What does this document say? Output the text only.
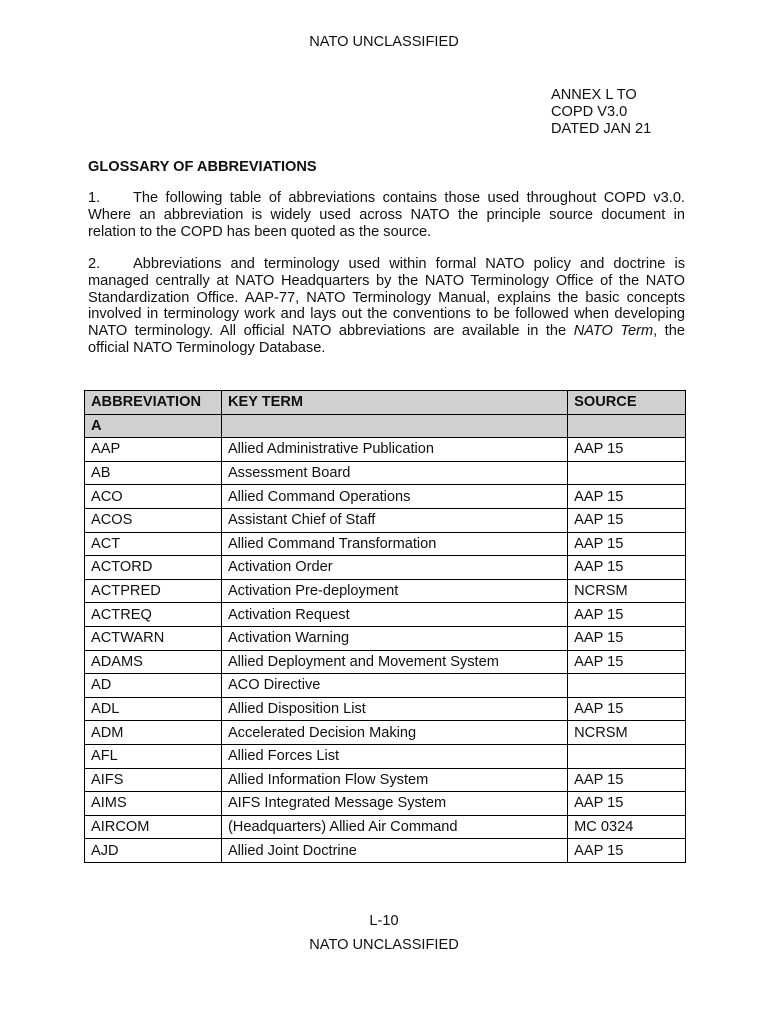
NATO UNCLASSIFIED
ANNEX L TO
COPD V3.0
DATED JAN 21
GLOSSARY OF ABBREVIATIONS
1. The following table of abbreviations contains those used throughout COPD v3.0. Where an abbreviation is widely used across NATO the principle source document in relation to the COPD has been quoted as the source.
2. Abbreviations and terminology used within formal NATO policy and doctrine is managed centrally at NATO Headquarters by the NATO Terminology Office of the NATO Standardization Office. AAP-77, NATO Terminology Manual, explains the basic concepts involved in terminology work and lays out the conventions to be followed when developing NATO terminology. All official NATO abbreviations are available in the NATO Term, the official NATO Terminology Database.
ABBREVIATION	KEY TERM	SOURCE
A		
AAP	Allied Administrative Publication	AAP 15
AB	Assessment Board	
ACO	Allied Command Operations	AAP 15
ACOS	Assistant Chief of Staff	AAP 15
ACT	Allied Command Transformation	AAP 15
ACTORD	Activation Order	AAP 15
ACTPRED	Activation Pre-deployment	NCRSM
ACTREQ	Activation Request	AAP 15
ACTWARN	Activation Warning	AAP 15
ADAMS	Allied Deployment and Movement System	AAP 15
AD	ACO Directive	
ADL	Allied Disposition List	AAP 15
ADM	Accelerated Decision Making	NCRSM
AFL	Allied Forces List	
AIFS	Allied Information Flow System	AAP 15
AIMS	AIFS Integrated Message System	AAP 15
AIRCOM	(Headquarters) Allied Air Command	MC 0324
AJD	Allied Joint Doctrine	AAP 15
L-10
NATO UNCLASSIFIED
